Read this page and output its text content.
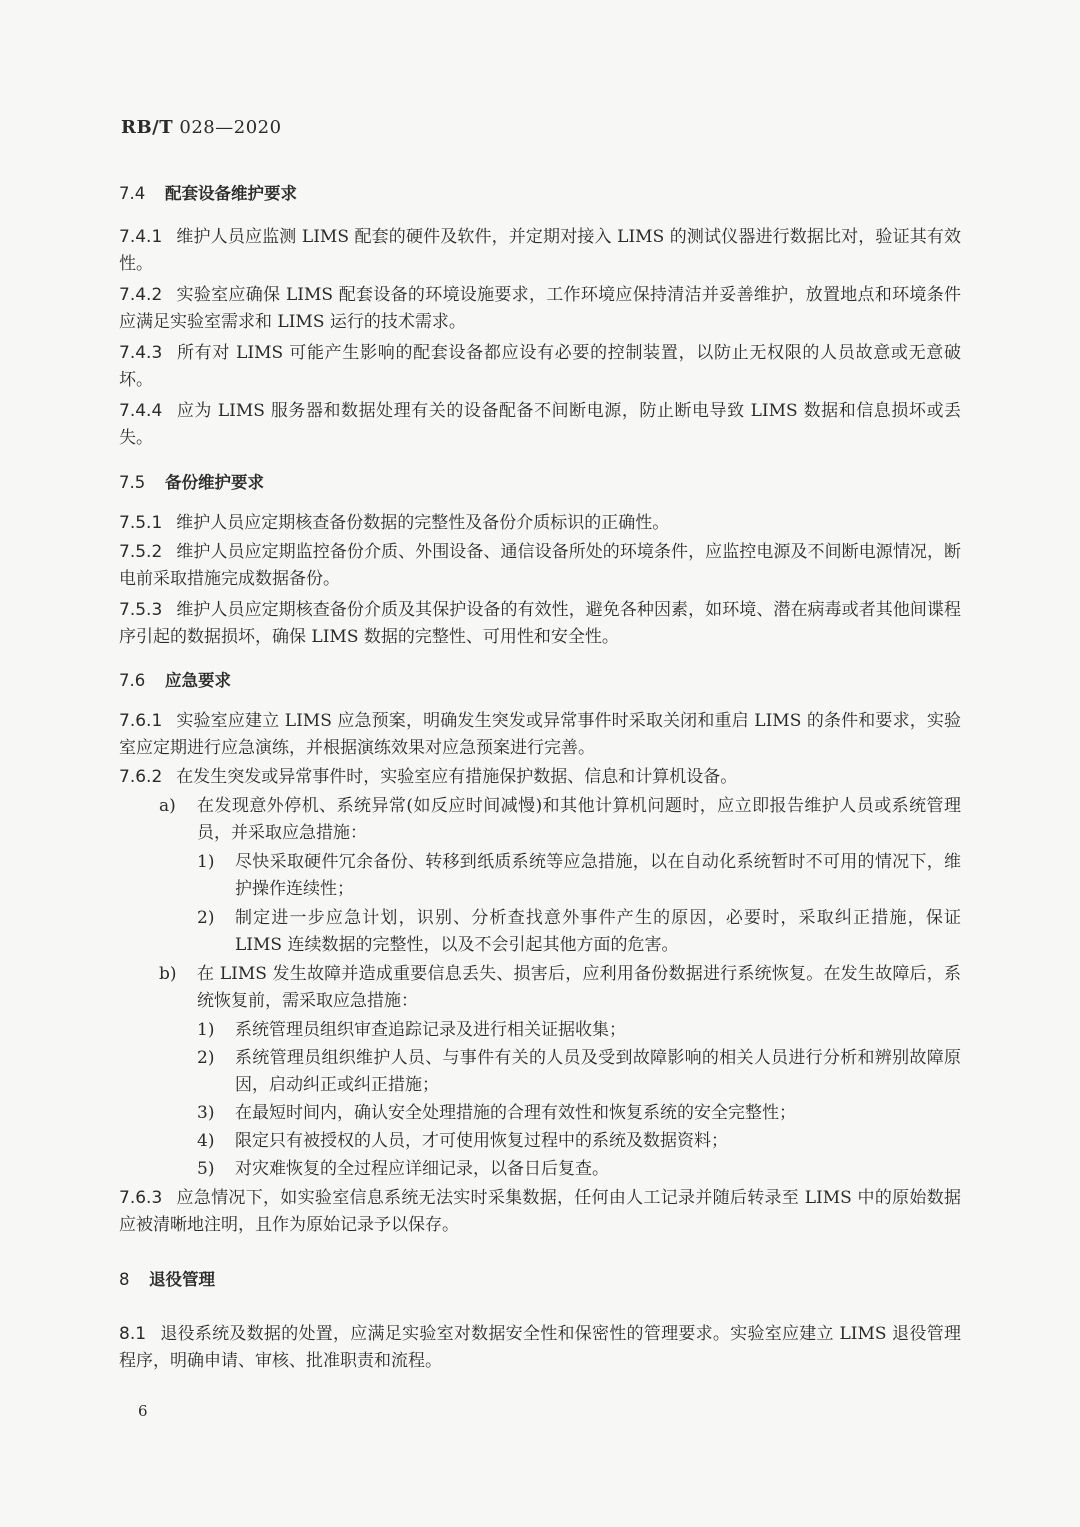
RB/T 028—2020
7.4 配套设备维护要求
7.4.1 维护人员应监测 LIMS 配套的硬件及软件，并定期对接入 LIMS 的测试仪器进行数据比对，验证其有效性。
7.4.2 实验室应确保 LIMS 配套设备的环境设施要求，工作环境应保持清洁并妥善维护，放置地点和环境条件应满足实验室需求和 LIMS 运行的技术需求。
7.4.3 所有对 LIMS 可能产生影响的配套设备都应设有必要的控制装置，以防止无权限的人员故意或无意破坏。
7.4.4 应为 LIMS 服务器和数据处理有关的设备配备不间断电源，防止断电导致 LIMS 数据和信息损坏或丢失。
7.5 备份维护要求
7.5.1 维护人员应定期核查备份数据的完整性及备份介质标识的正确性。
7.5.2 维护人员应定期监控备份介质、外围设备、通信设备所处的环境条件，应监控电源及不间断电源情况，断电前采取措施完成数据备份。
7.5.3 维护人员应定期核查备份介质及其保护设备的有效性，避免各种因素，如环境、潜在病毒或者其他间谍程序引起的数据损坏，确保 LIMS 数据的完整性、可用性和安全性。
7.6 应急要求
7.6.1 实验室应建立 LIMS 应急预案，明确发生突发或异常事件时采取关闭和重启 LIMS 的条件和要求，实验室应定期进行应急演练，并根据演练效果对应急预案进行完善。
7.6.2 在发生突发或异常事件时，实验室应有措施保护数据、信息和计算机设备。
a)	在发现意外停机、系统异常(如反应时间减慢)和其他计算机问题时，应立即报告维护人员或系统管理员，并采取应急措施：
1)	尽快采取硬件冗余备份、转移到纸质系统等应急措施，以在自动化系统暂时不可用的情况下，维护操作连续性；
2)	制定进一步应急计划，识别、分析查找意外事件产生的原因，必要时，采取纠正措施，保证 LIMS 连续数据的完整性，以及不会引起其他方面的危害。
b)	在 LIMS 发生故障并造成重要信息丢失、损害后，应利用备份数据进行系统恢复。在发生故障后，系统恢复前，需采取应急措施：
1)	系统管理员组织审查追踪记录及进行相关证据收集；
2)	系统管理员组织维护人员、与事件有关的人员及受到故障影响的相关人员进行分析和辨别故障原因，启动纠正或纠正措施；
3)	在最短时间内，确认安全处理措施的合理有效性和恢复系统的安全完整性；
4)	限定只有被授权的人员，才可使用恢复过程中的系统及数据资料；
5)	对灾难恢复的全过程应详细记录，以备日后复查。
7.6.3 应急情况下，如实验室信息系统无法实时采集数据，任何由人工记录并随后转录至 LIMS 中的原始数据应被清晰地注明，且作为原始记录予以保存。
8 退役管理
8.1 退役系统及数据的处置，应满足实验室对数据安全性和保密性的管理要求。实验室应建立 LIMS 退役管理程序，明确申请、审核、批准职责和流程。
6
